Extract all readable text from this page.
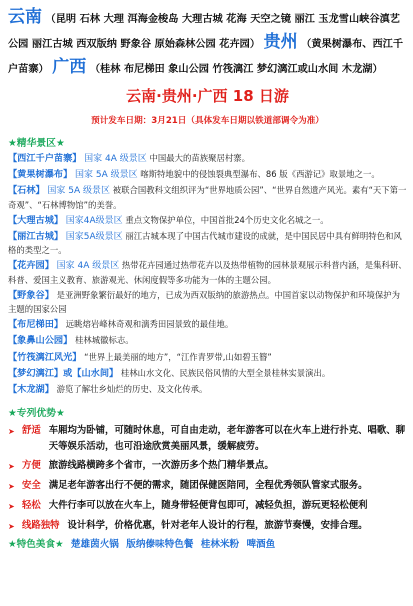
云南 （昆明 石林 大理 洱海金梭岛 大理古城 花海 天空之镜 丽江 玉龙雪山峡谷滇艺公园 丽江古城 西双版纳 野象谷 原始森林公园 花卉园） 贵州 （黄果树瀑布、西江千户苗寨） 广西 （桂林 布尼梯田 象山公园 竹筏漓江 梦幻漓江或山水间 木龙湖）
云南·贵州·广西 18 日游
预计发车日期：3月21日（具体发车日期以铁道部调令为准）
★精华景区★
【西江千户苗寨】 国家 4A 级景区 中国最大的苗族聚居村寨。
【黄果树瀑布】 国家 5A 级景区 喀斯特地貌中的侵蚀裂典型瀑布、86 版《西游记》取景地之一。
【石林】 国家 5A 级景区 被联合国教科文组织评为“世界地质公园”、“世界自然遗产风光。素有“天下第一奇观”、“石林博物馆”的美誉。
【大理古城】 国家4A级景区 重点文物保护单位，中国首批24个历史文化名城之一。
【丽江古城】 国家5A级景区 丽江古城本现了中国古代城市建设的成就，是中国民居中具有鲜明特色和风格的类型之一。
【花卉园】 国家 4A 级景区 热带花卉园通过热带花卉以及热带植物的园林景观展示科普内涵，是集科研、科普、爱国主义教育、旅游观光、休闲度假等多功能为一体的主题公园。
【野象谷】 是亚洲野象繁衍最好的地方，已成为西双版纳的旅游热点。中国首家以动物保护和环境保护为主题的国家公园
【布尼梯田】 远眺熔岩峰林奇观和漓秀田园景致的最佳地。
【象鼻山公园】 桂林城徽标志。
【竹筏漓江风光】 “世界上最美丽的地方”，“江作青罗带,山如碧玉簪”
【梦幻漓江】或【山水间】 桂林山水文化、民族民俗风情的大型全景桂林实景演出。
【木龙湖】 游览了解壮乡灿烂的历史、及文化传承。
★专列优势★
➤ 舒适 车厢均为卧铺，可随时休息，可自由走动，老年游客可以在火车上进行扑克、唱歌、聊天等娱乐活动，也可沿途欣赏美丽风景，缓解疲劳。
➤ 方便 旅游线路横跨多个省市，一次游历多个热门精华景点。
➤ 安全 满足老年游客出行不便的需求，随团保健医陪同，全程优秀领队管家式服务。
➤ 轻松 大件行李可以放在火车上，随身带轻便背包即可，减轻负担，游玩更轻松便利
➤ 线路独特 设计科学，价格优惠，针对老年人设计的行程，旅游节奏慢，安排合理。
★特色美食★ 楚雄茵火锅 版纳傣味特色餐 桂林米粉 啤酒鱼
